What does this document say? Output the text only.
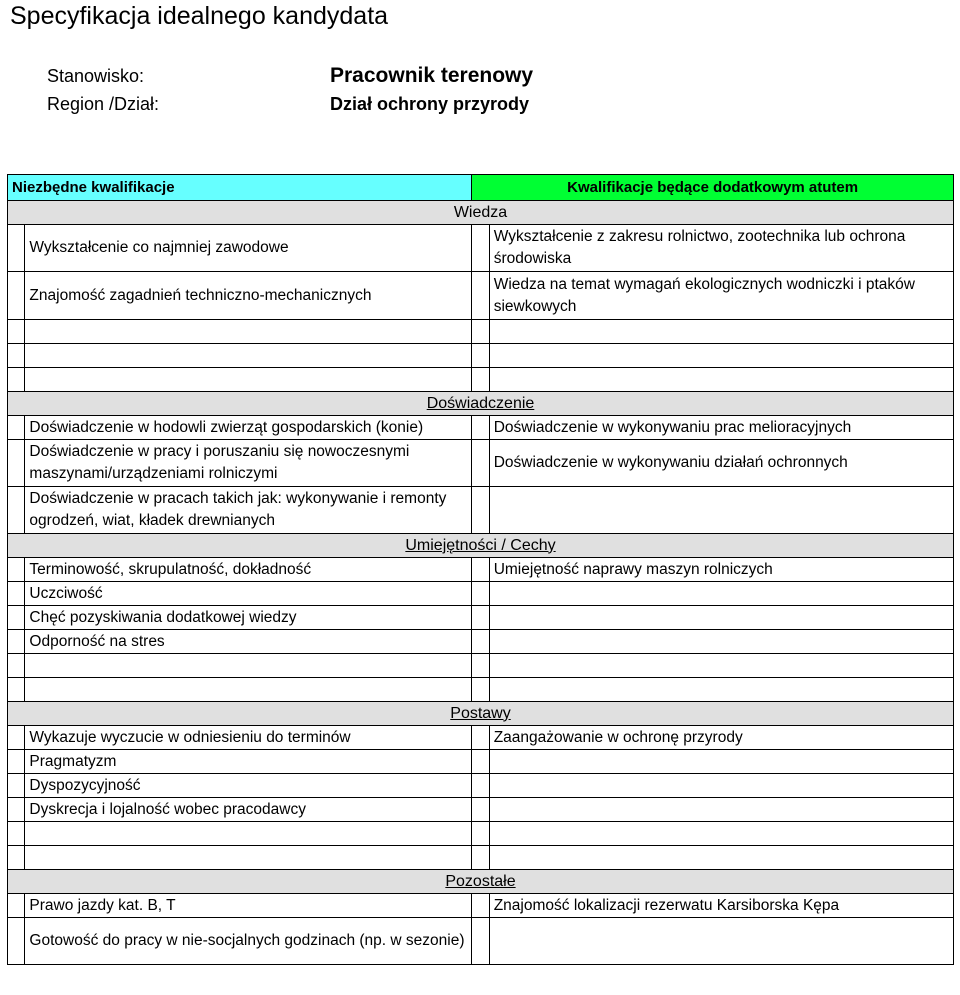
Specyfikacja idealnego kandydata
Stanowisko:	Pracownik terenowy
Region /Dział:	Dział ochrony przyrody
Niezbędne kwalifikacje		Kwalifikacje będące dodatkowym atutem	
Wiedza			
	Wykształcenie co najmniej zawodowe		Wykształcenie z zakresu rolnictwo, zootechnika lub ochrona środowiska
	Znajomość zagadnień techniczno-mechanicznych		Wiedza na temat wymagań ekologicznych wodniczki i ptaków siewkowych

Doświadczenie			
	Doświadczenie w hodowli zwierząt gospodarskich (konie)		Doświadczenie w wykonywaniu prac melioracyjnych
	Doświadczenie w pracy i poruszaniu się nowoczesnymi maszynami/urządzeniami rolniczymi		Doświadczenie w wykonywaniu działań ochronnych
	Doświadczenie w pracach takich jak: wykonywanie i remonty ogrodzeń, wiat, kładek drewnianych		
Umiejętności / Cechy			
	Terminowość, skrupulatność, dokładność		Umiejętność naprawy maszyn rolniczych
	Uczciwość		
	Chęć pozyskiwania dodatkowej wiedzy		
	Odporność na stres		

Postawy			
	Wykazuje wyczucie w odniesieniu do terminów		Zaangażowanie w ochronę przyrody
	Pragmatyzm		
	Dyspozycyjność		
	Dyskrecja i lojalność wobec pracodawcy		

Pozostałe			
	Prawo jazdy kat. B, T		Znajomość lokalizacji rezerwatu Karsiborska Kępa
	Gotowość do pracy w nie-socjalnych godzinach (np. w sezonie)		
